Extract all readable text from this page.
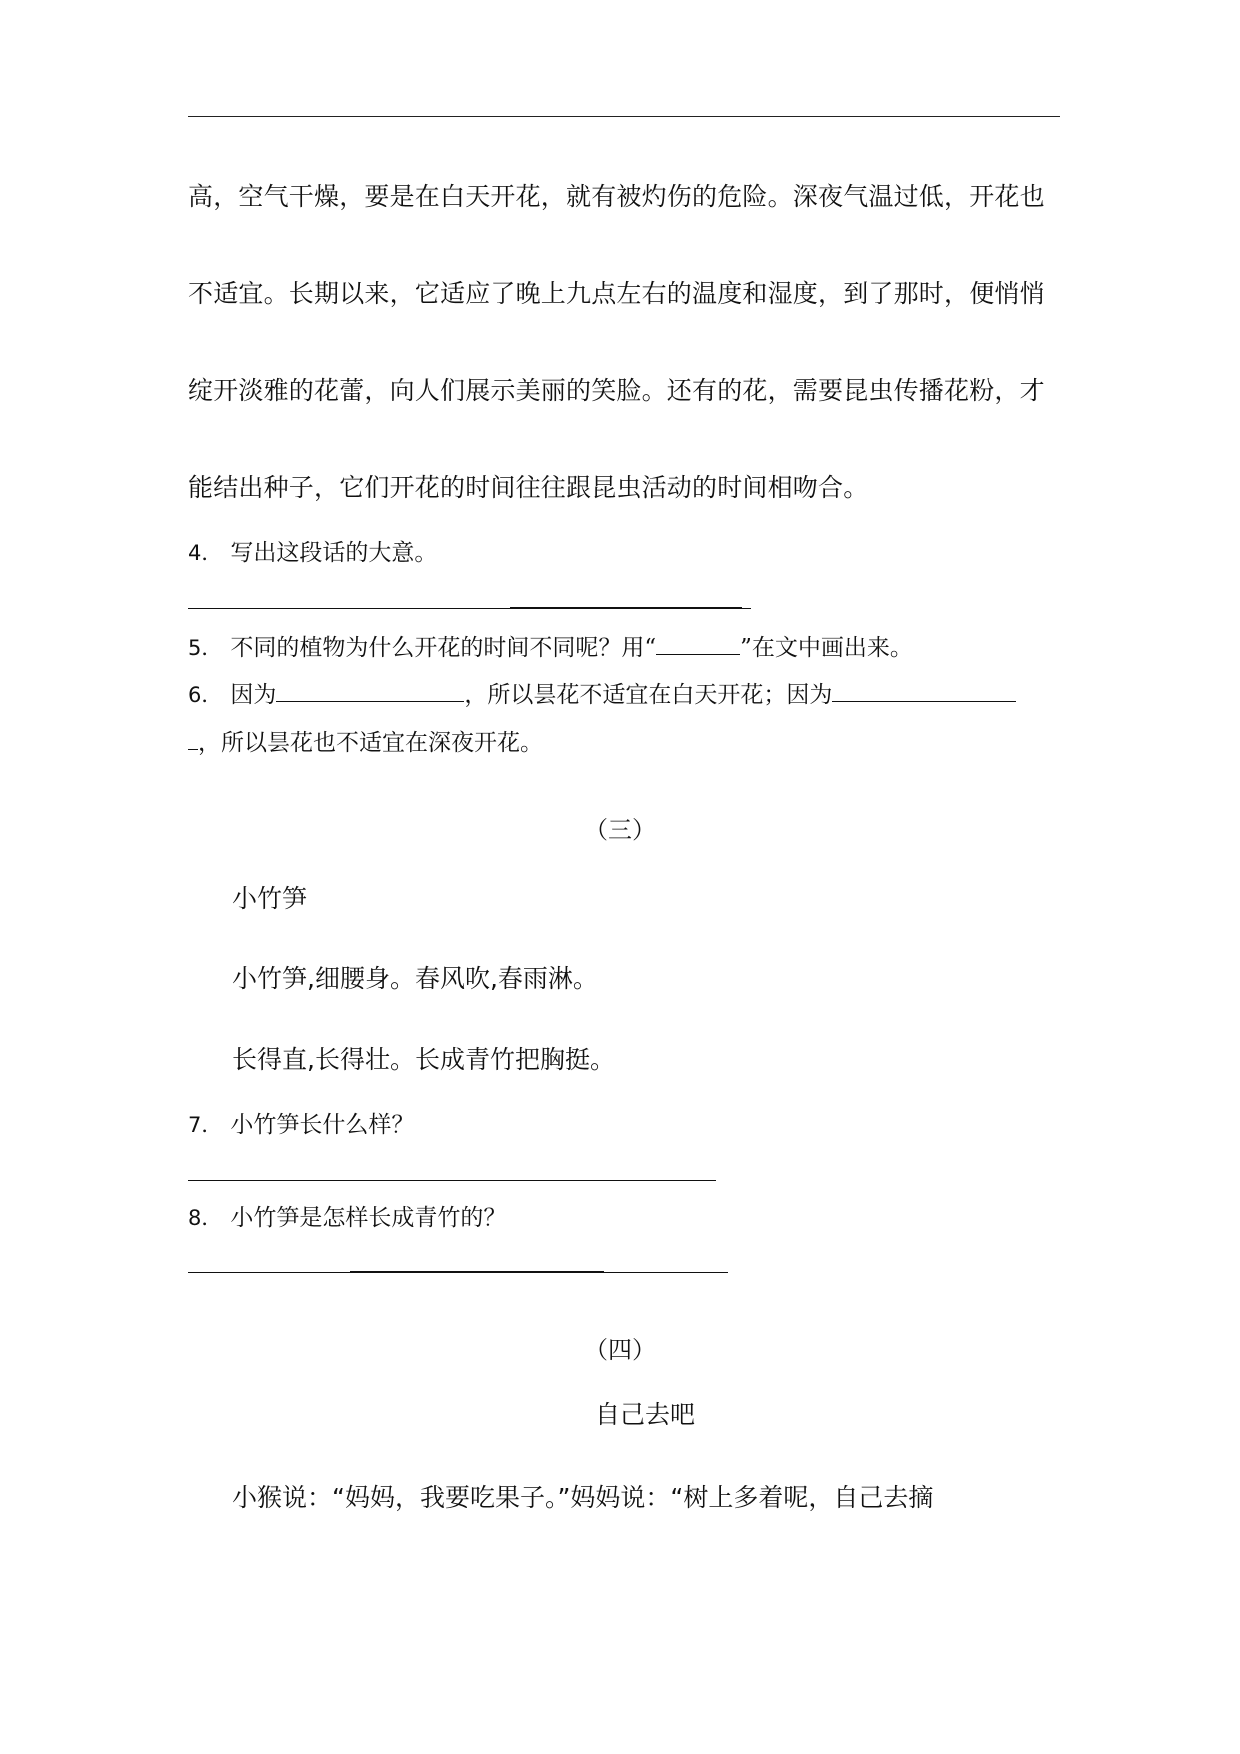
高，空气干燥，要是在白天开花，就有被灼伤的危险。深夜气温过低，开花也
不适宜。长期以来，它适应了晚上九点左右的温度和湿度，到了那时，便悄悄
绽开淡雅的花蕾，向人们展示美丽的笑脸。还有的花，需要昆虫传播花粉，才
能结出种子，它们开花的时间往往跟昆虫活动的时间相吻合。
4． 写出这段话的大意。
5． 不同的植物为什么开花的时间不同呢？用“	”在文中画出来。
6． 因为	，所以昙花不适宜在白天开花；因为
，所以昙花也不适宜在深夜开花。
（三）
小竹笋
小竹笋,细腰身。春风吹,春雨淋。
长得直,长得壮。长成青竹把胸挺。
7． 小竹笋长什么样？
8． 小竹笋是怎样长成青竹的？
（四）
自己去吧
小猴说：“妈妈，我要吃果子。”妈妈说：“树上多着呢，自己去摘
